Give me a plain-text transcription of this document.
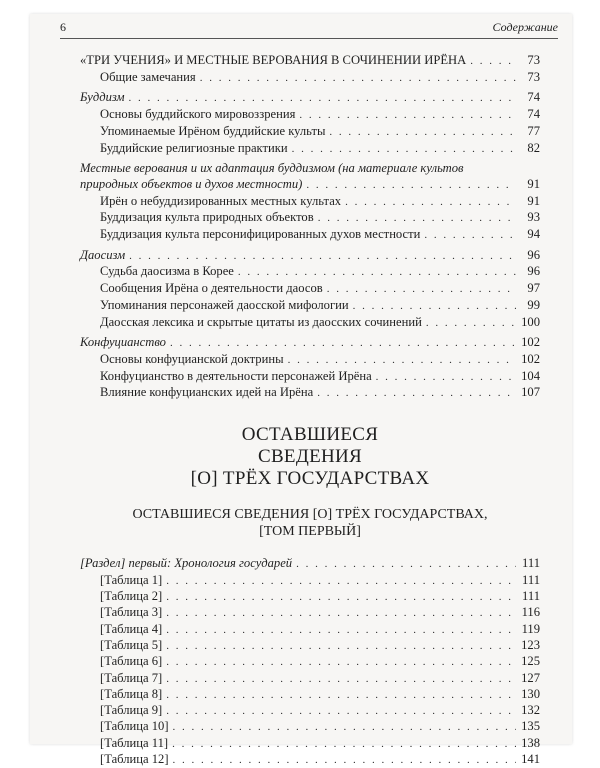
6	Содержание
«ТРИ УЧЕНИЯ» И МЕСТНЫЕ ВЕРОВАНИЯ В СОЧИНЕНИИ ИРЁНА . . .	73
Общие замечания . . .	73
Буддизм . . .	74
Основы буддийского мировоззрения . . .	74
Упоминаемые Ирёном буддийские культы . . .	77
Буддийские религиозные практики . . .	82
Местные верования и их адаптация буддизмом (на материале культов
природных объектов и духов местности) . . .	91
Ирён о небуддизированных местных культах . . .	91
Буддизация культа природных объектов . . .	93
Буддизация культа персонифицированных духов местности . . .	94
Даосизм . . .	96
Судьба даосизма в Корее . . .	96
Сообщения Ирёна о деятельности даосов . . .	97
Упоминания персонажей даосской мифологии . . .	99
Даосская лексика и скрытые цитаты из даосских сочинений . . .	100
Конфуцианство . . .	102
Основы конфуцианской доктрины . . .	102
Конфуцианство в деятельности персонажей Ирёна . . .	104
Влияние конфуцианских идей на Ирёна . . .	107
ОСТАВШИЕСЯ
СВЕДЕНИЯ
[О] ТРЁХ ГОСУДАРСТВАХ
ОСТАВШИЕСЯ СВЕДЕНИЯ [О] ТРЁХ ГОСУДАРСТВАХ,
[ТОМ ПЕРВЫЙ]
[Раздел] первый: Хронология государей . . .	111
[Таблица 1] . . .	111
[Таблица 2] . . .	111
[Таблица 3] . . .	116
[Таблица 4] . . .	119
[Таблица 5] . . .	123
[Таблица 6] . . .	125
[Таблица 7] . . .	127
[Таблица 8] . . .	130
[Таблица 9] . . .	132
[Таблица 10] . . .	135
[Таблица 11] . . .	138
[Таблица 12] . . .	141
